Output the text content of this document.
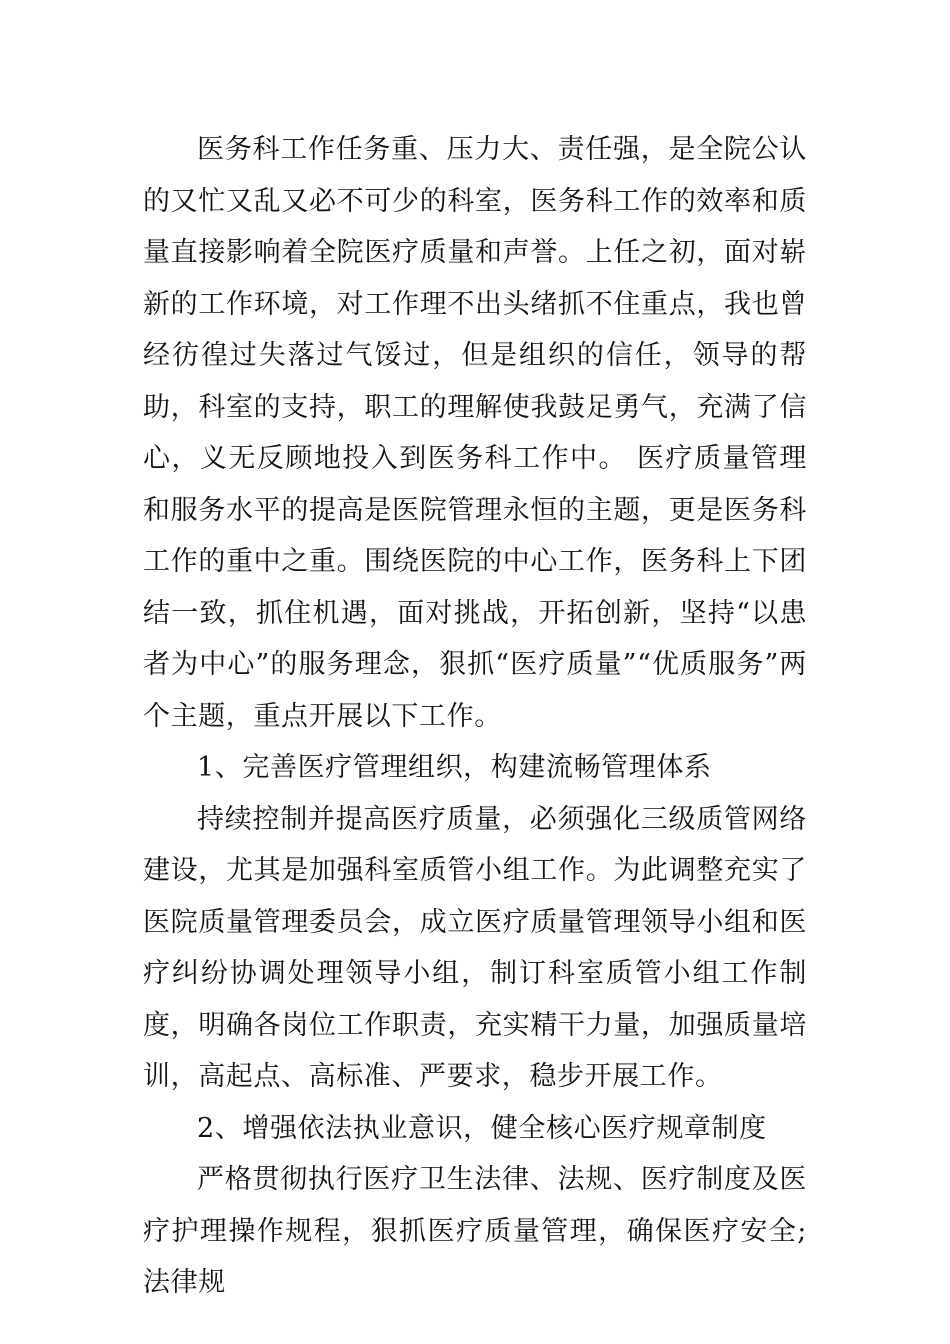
医务科工作任务重、压力大、责任强，是全院公认的又忙又乱又必不可少的科室，医务科工作的效率和质量直接影响着全院医疗质量和声誉。上任之初，面对崭新的工作环境，对工作理不出头绪抓不住重点，我也曾经彷徨过失落过气馁过，但是组织的信任，领导的帮助，科室的支持，职工的理解使我鼓足勇气，充满了信心，义无反顾地投入到医务科工作中。 医疗质量管理和服务水平的提高是医院管理永恒的主题，更是医务科工作的重中之重。围绕医院的中心工作，医务科上下团结一致，抓住机遇，面对挑战，开拓创新，坚持“以患者为中心”的服务理念，狠抓“医疗质量”“优质服务”两个主题，重点开展以下工作。

1、完善医疗管理组织，构建流畅管理体系

持续控制并提高医疗质量，必须强化三级质管网络建设，尤其是加强科室质管小组工作。为此调整充实了医院质量管理委员会，成立医疗质量管理领导小组和医疗纠纷协调处理领导小组，制订科室质管小组工作制度，明确各岗位工作职责，充实精干力量，加强质量培训，高起点、高标准、严要求，稳步开展工作。

2、增强依法执业意识，健全核心医疗规章制度

严格贯彻执行医疗卫生法律、法规、医疗制度及医疗护理操作规程，狠抓医疗质量管理，确保医疗安全;法律规
